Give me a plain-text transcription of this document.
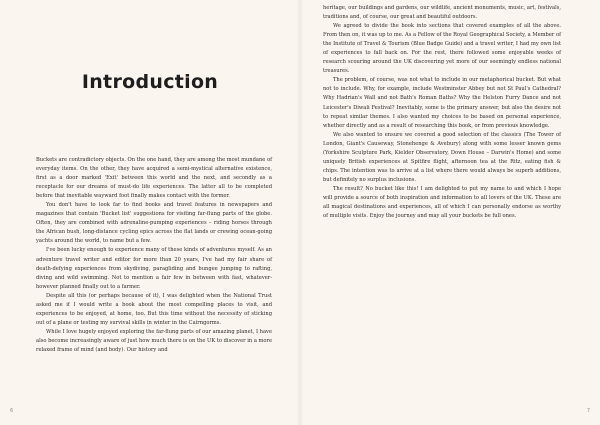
Introduction

Buckets are contradictory objects. On the one hand, they are among the most mundane of everyday items. On the other, they have acquired a semi-mystical alternative existence, first as a door marked 'Exit' between this world and the next, and secondly as a receptacle for our dreams of must-do life experiences. The latter all to be completed before that inevitable wayward foot finally makes contact with the former.

You don't have to look far to find books and travel features in newspapers and magazines that contain 'Bucket list' suggestions for visiting far-flung parts of the globe. Often, they are combined with adrenaline-pumping experiences – riding horses through the African bush, long-distance cycling epics across the flat lands or crewing ocean-going yachts around the world, to name but a few.

I've been lucky enough to experience many of these kinds of adventures myself. As an adventure travel writer and editor for more than 20 years, I've had my fair share of death-defying experiences from skydiving, paragliding and bungee jumping to rafting, diving and wild swimming. Not to mention a fair few in between with fast, whatever-however planned finally out to a farmer.

Despite all this (or perhaps because of it), I was delighted when the National Trust asked me if I would write a book about the most compelling places to visit, and experiences to be enjoyed, at home, too. But this time without the necessity of sticking out of a plane or testing my survival skills in winter in the Cairngorms.

While I love hugely enjoyed exploring the far-flung parts of our amazing planet, I have also become increasingly aware of just how much there is on the UK to discover in a more relaxed frame of mind (and body). Our history and

6

heritage, our buildings and gardens, our wildlife, ancient monuments, music, art, festivals, traditions and, of course, our great and beautiful outdoors.

We agreed to divide the book into sections that covered examples of all the above. From then on, it was up to me. As a Fellow of the Royal Geographical Society, a Member of the Institute of Travel & Tourism (Blue Badge Guide) and a travel writer, I had my own list of experiences to fall back on. For the rest, there followed some enjoyable weeks of research scouring around the UK discovering yet more of our seemingly endless national treasures.

The problem, of course, was not what to include in our metaphorical bucket. But what not to include. Why, for example, include Westminster Abbey but not St Paul's Cathedral? Why Hadrian's Wall and not Bath's Roman Baths? Why the Helston Furry Dance and not Leicester's Diwali Festival? Inevitably, some is the primary answer, but also the desire not to repeat similar themes. I also wanted my choices to be based on personal experience, whether directly and as a result of researching this book, or from previous knowledge.

We also wanted to ensure we covered a good selection of the classics (The Tower of London, Giant's Causeway, Stonehenge & Avebury) along with some lesser known gems (Yorkshire Sculpture Park, Kielder Observatory, Down House – Darwin's Home) and some uniquely British experiences at Spitfire flight, afternoon tea at the Ritz, eating fish & chips. The intention was to arrive at a list where there would always be superb additions, but definitely no surplus inclusions.

The result? No bucket like this! I am delighted to put my name to and which I hope will provide a source of both inspiration and information to all lovers of the UK. These are all magical destinations and experiences, all of which I can personally endorse as worthy of multiple visits. Enjoy the journey and may all your buckets be full ones.

7
